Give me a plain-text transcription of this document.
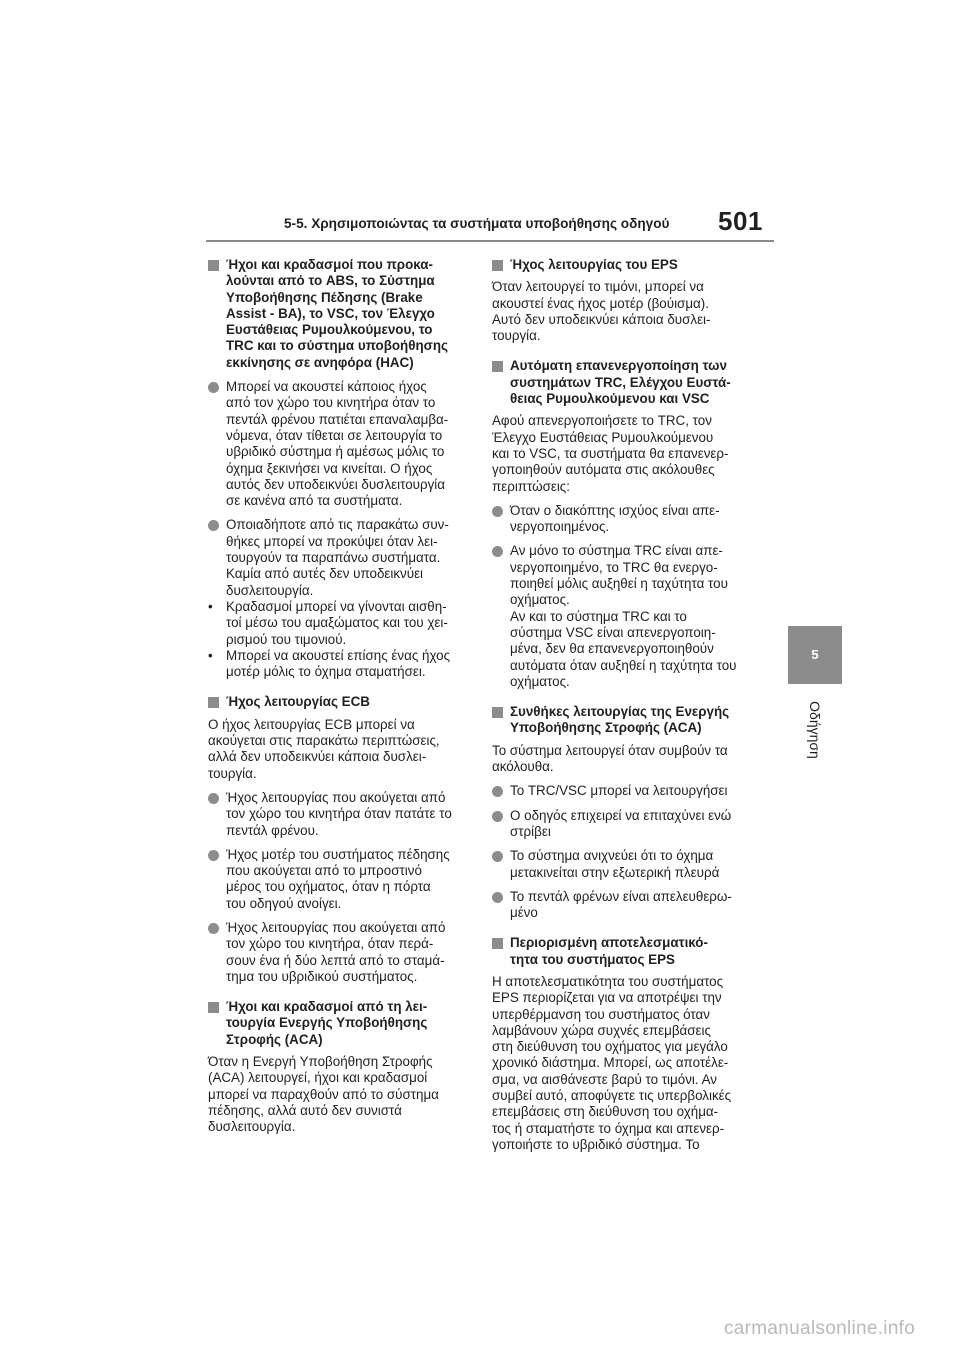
5-5. Χρησιμοποιώντας τα συστήματα υποβοήθησης οδηγού	501
Ήχοι και κραδασμοί που προκα-
λούνται από το ABS, το Σύστημα
Υποβοήθησης Πέδησης (Brake
Assist - BA), το VSC, τον Έλεγχο
Ευστάθειας Ρυμουλκούμενου, το
TRC και το σύστημα υποβοήθησης
εκκίνησης σε ανηφόρα (HAC)
Μπορεί να ακουστεί κάποιος ήχος
από τον χώρο του κινητήρα όταν το
πεντάλ φρένου πατιέται επαναλαμβα-
νόμενα, όταν τίθεται σε λειτουργία το
υβριδικό σύστημα ή αμέσως μόλις το
όχημα ξεκινήσει να κινείται. Ο ήχος
αυτός δεν υποδεικνύει δυσλειτουργία
σε κανένα από τα συστήματα.
Οποιαδήποτε από τις παρακάτω συν-
θήκες μπορεί να προκύψει όταν λει-
τουργούν τα παραπάνω συστήματα.
Καμία από αυτές δεν υποδεικνύει
δυσλειτουργία.
• Κραδασμοί μπορεί να γίνονται αισθη-
τοί μέσω του αμαξώματος και του χει-
ρισμού του τιμονιού.
• Μπορεί να ακουστεί επίσης ένας ήχος
μοτέρ μόλις το όχημα σταματήσει.
Ήχος λειτουργίας ECB
Ο ήχος λειτουργίας ECB μπορεί να
ακούγεται στις παρακάτω περιπτώσεις,
αλλά δεν υποδεικνύει κάποια δυσλει-
τουργία.
Ήχος λειτουργίας που ακούγεται από
τον χώρο του κινητήρα όταν πατάτε το
πεντάλ φρένου.
Ήχος μοτέρ του συστήματος πέδησης
που ακούγεται από το μπροστινό
μέρος του οχήματος, όταν η πόρτα
του οδηγού ανοίγει.
Ήχος λειτουργίας που ακούγεται από
τον χώρο του κινητήρα, όταν περά-
σουν ένα ή δύο λεπτά από το σταμά-
τημα του υβριδικού συστήματος.
Ήχοι και κραδασμοί από τη λει-
τουργία Ενεργής Υποβοήθησης
Στροφής (ACA)
Όταν η Ενεργή Υποβοήθηση Στροφής
(ACA) λειτουργεί, ήχοι και κραδασμοί
μπορεί να παραχθούν από το σύστημα
πέδησης, αλλά αυτό δεν συνιστά
δυσλειτουργία.
Ήχος λειτουργίας του EPS
Όταν λειτουργεί το τιμόνι, μπορεί να
ακουστεί ένας ήχος μοτέρ (βούισμα).
Αυτό δεν υποδεικνύει κάποια δυσλει-
τουργία.
Αυτόματη επανενεργοποίηση των
συστημάτων TRC, Ελέγχου Ευστά-
θειας Ρυμουλκούμενου και VSC
Αφού απενεργοποιήσετε το TRC, τον
Έλεγχο Ευστάθειας Ρυμουλκούμενου
και το VSC, τα συστήματα θα επανενερ-
γοποιηθούν αυτόματα στις ακόλουθες
περιπτώσεις:
Όταν ο διακόπτης ισχύος είναι απε-
νεργοποιημένος.
Αν μόνο το σύστημα TRC είναι απε-
νεργοποιημένο, το TRC θα ενεργο-
ποιηθεί μόλις αυξηθεί η ταχύτητα του
οχήματος.
Αν και το σύστημα TRC και το
σύστημα VSC είναι απενεργοποιη-
μένα, δεν θα επανενεργοποιηθούν
αυτόματα όταν αυξηθεί η ταχύτητα του
οχήματος.
Συνθήκες λειτουργίας της Ενεργής
Υποβοήθησης Στροφής (ACA)
Το σύστημα λειτουργεί όταν συμβούν τα
ακόλουθα.
Το TRC/VSC μπορεί να λειτουργήσει
Ο οδηγός επιχειρεί να επιταχύνει ενώ
στρίβει
Το σύστημα ανιχνεύει ότι το όχημα
μετακινείται στην εξωτερική πλευρά
Το πεντάλ φρένων είναι απελευθερω-
μένο
Περιορισμένη αποτελεσματικό-
τητα του συστήματος EPS
Η αποτελεσματικότητα του συστήματος
EPS περιορίζεται για να αποτρέψει την
υπερθέρμανση του συστήματος όταν
λαμβάνουν χώρα συχνές επεμβάσεις
στη διεύθυνση του οχήματος για μεγάλο
χρονικό διάστημα. Μπορεί, ως αποτέλε-
σμα, να αισθάνεστε βαρύ το τιμόνι. Αν
συμβεί αυτό, αποφύγετε τις υπερβολικές
επεμβάσεις στη διεύθυνση του οχήμα-
τος ή σταματήστε το όχημα και απενερ-
γοποιήστε το υβριδικό σύστημα. Το
5
Οδήγηση
carmanualsonline.info
